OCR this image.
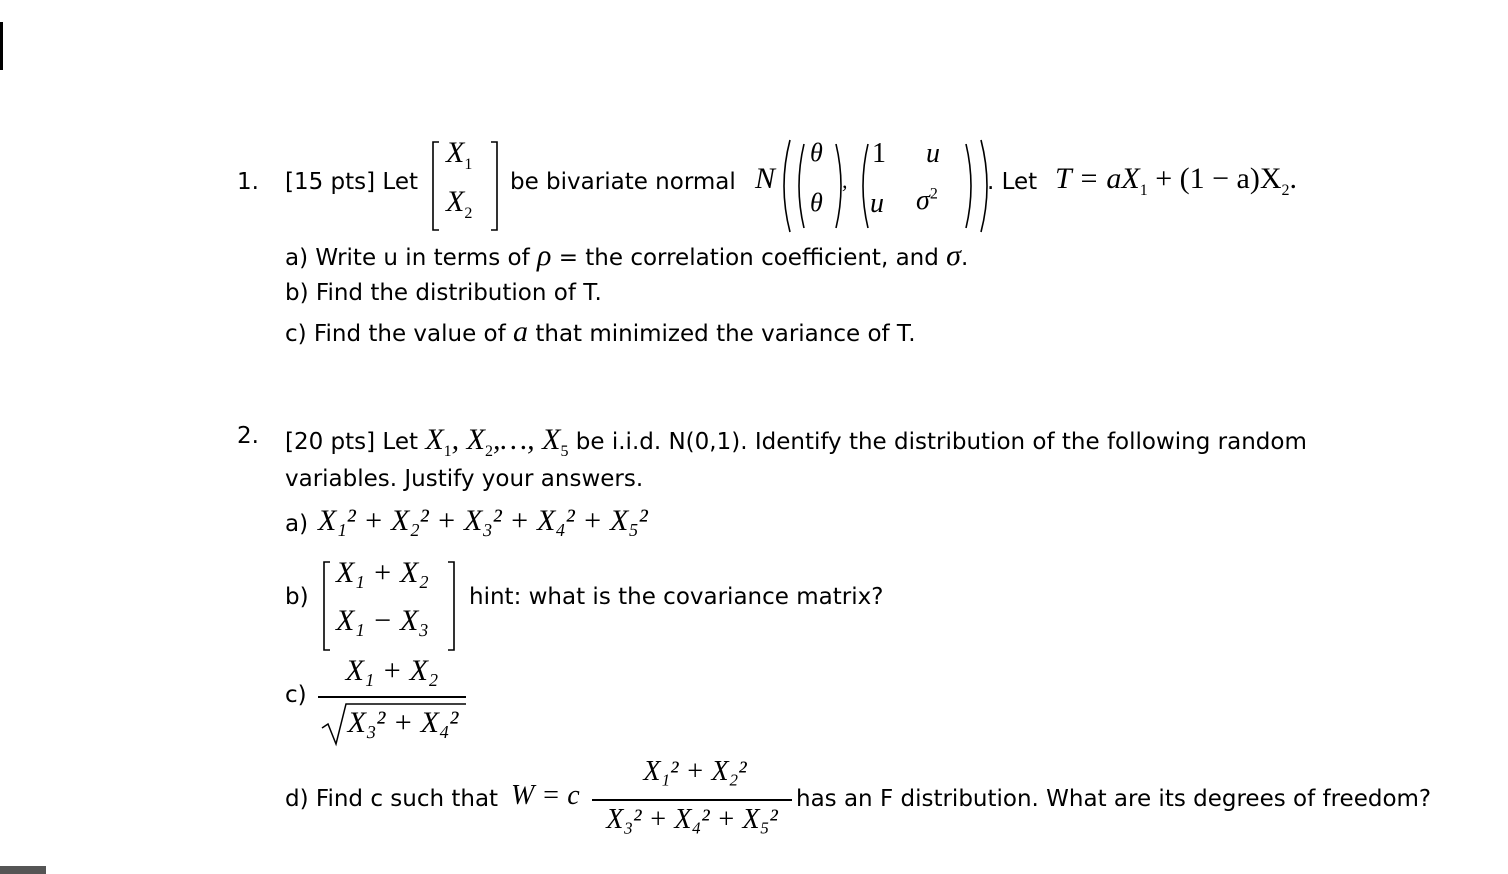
1. [15 pts] Let
$X_1$
$X_2$
be bivariate normal N
θ
θ
,
1 u
u $\sigma^2$ . Let $T = aX_1 + (1 - a)X_2$.
a) Write u in terms of ρ = the correlation coefficient, and σ.
b) Find the distribution of T.
c) Find the value of a that minimized the variance of T.
2. [20 pts] Let $X_1$, $X_2,\dots$, $X_5$ be i.i.d. N(0,1). Identify the distribution of the following random
variables. Justify your answers.
a) X₁² + X₂² + X₃² + X₄² + X₅²
b)
X₁ + X₂
X₁ − X₃
hint: what is the covariance matrix?
c)
X₁ + X₂
X₃² + X₄²
d) Find c such that W = c
X₁² + X₂²
X₃² + X₄² + X₅²
has an F distribution. What are its degrees of freedom?
